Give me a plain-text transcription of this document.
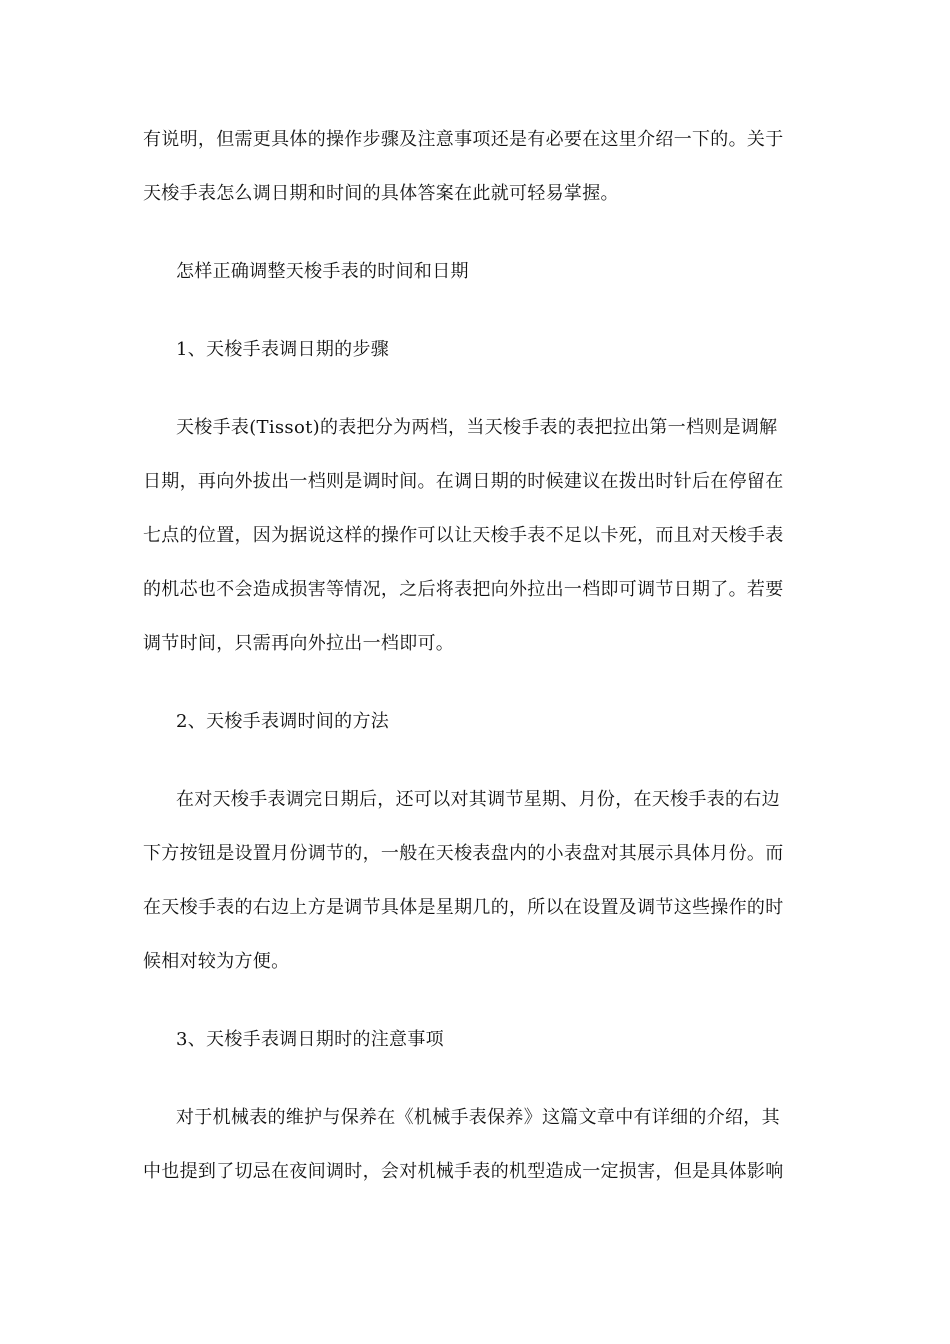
有说明，但需更具体的操作步骤及注意事项还是有必要在这里介绍一下的。关于
天梭手表怎么调日期和时间的具体答案在此就可轻易掌握。
怎样正确调整天梭手表的时间和日期
1、天梭手表调日期的步骤
天梭手表(Tissot)的表把分为两档，当天梭手表的表把拉出第一档则是调解
日期，再向外拔出一档则是调时间。在调日期的时候建议在拨出时针后在停留在
七点的位置，因为据说这样的操作可以让天梭手表不足以卡死，而且对天梭手表
的机芯也不会造成损害等情况，之后将表把向外拉出一档即可调节日期了。若要
调节时间，只需再向外拉出一档即可。
2、天梭手表调时间的方法
在对天梭手表调完日期后，还可以对其调节星期、月份，在天梭手表的右边
下方按钮是设置月份调节的，一般在天梭表盘内的小表盘对其展示具体月份。而
在天梭手表的右边上方是调节具体是星期几的，所以在设置及调节这些操作的时
候相对较为方便。
3、天梭手表调日期时的注意事项
对于机械表的维护与保养在《机械手表保养》这篇文章中有详细的介绍，其
中也提到了切忌在夜间调时，会对机械手表的机型造成一定损害，但是具体影响
